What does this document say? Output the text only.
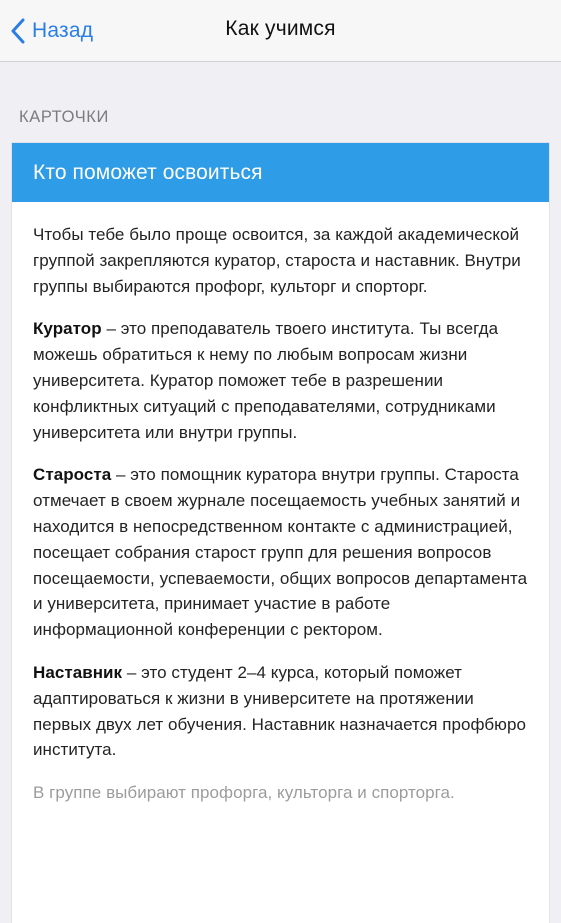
Назад	Как учимся
КАРТОЧКИ
Кто поможет освоиться

Чтобы тебе было проще освоится, за каждой академической группой закрепляются куратор, староста и наставник. Внутри группы выбираются профорг, культорг и спорторг.

Куратор – это преподаватель твоего института. Ты всегда можешь обратиться к нему по любым вопросам жизни университета. Куратор поможет тебе в разрешении конфликтных ситуаций с преподавателями, сотрудниками университета или внутри группы.

Староста – это помощник куратора внутри группы. Староста отмечает в своем журнале посещаемость учебных занятий и находится в непосредственном контакте с администрацией, посещает собрания старост групп для решения вопросов посещаемости, успеваемости, общих вопросов департамента и университета, принимает участие в работе информационной конференции с ректором.

Наставник – это студент 2–4 курса, который поможет адаптироваться к жизни в университете на протяжении первых двух лет обучения. Наставник назначается профбюро института.

В группе выбирают профорга, культорга и спорторга.
